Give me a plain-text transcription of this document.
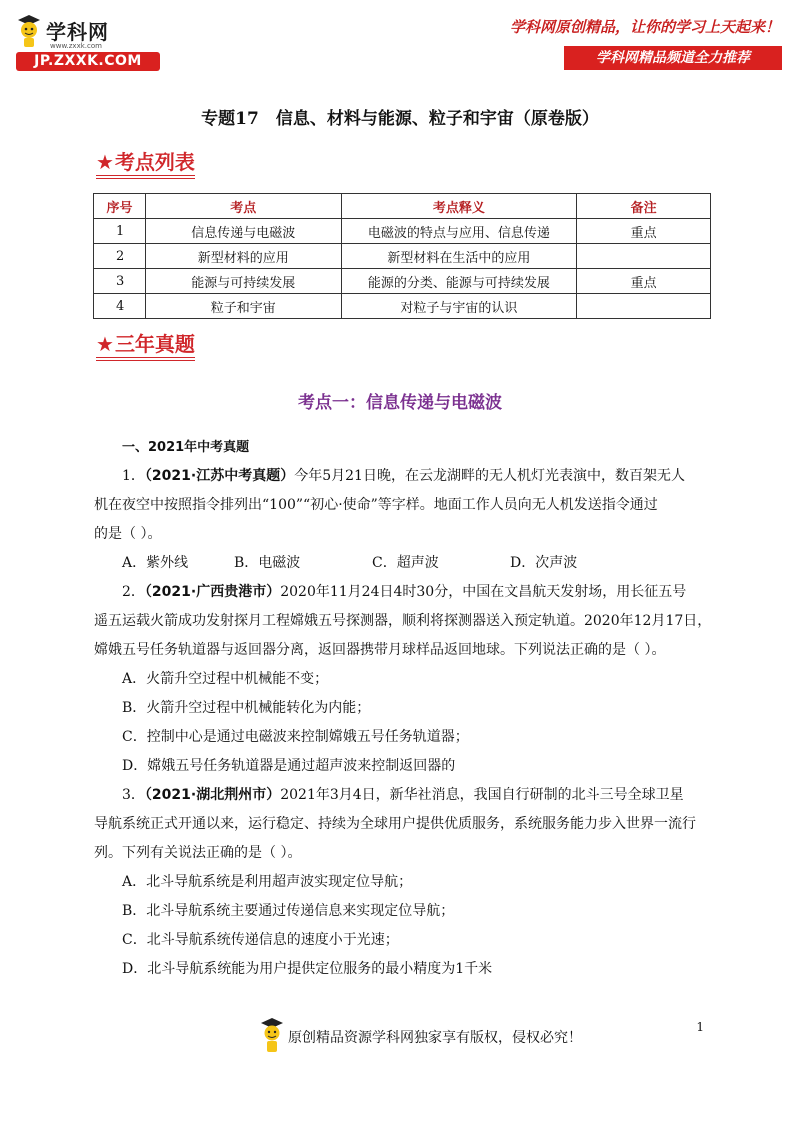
学科网
www.zxxk.com
JP.ZXXK.COM
学科网原创精品，让你的学习上天起来！
学科网精品频道全力推荐
专题17　信息、材料与能源、粒子和宇宙（原卷版）
★考点列表
序号	考点	考点释义	备注
1	信息传递与电磁波	电磁波的特点与应用、信息传递	重点
2	新型材料的应用	新型材料在生活中的应用	
3	能源与可持续发展	能源的分类、能源与可持续发展	重点
4	粒子和宇宙	对粒子与宇宙的认识	
★三年真题
考点一：信息传递与电磁波
一、2021年中考真题
1．（2021·江苏中考真题）今年5月21日晚，在云龙湖畔的无人机灯光表演中，数百架无人
机在夜空中按照指令排列出“100”“初心·使命”等字样。地面工作人员向无人机发送指令通过
的是（ ）。
A．紫外线	B．电磁波	C．超声波	D．次声波
2．（2021·广西贵港市）2020年11月24日4时30分，中国在文昌航天发射场，用长征五号
遥五运载火箭成功发射探月工程嫦娥五号探测器，顺利将探测器送入预定轨道。2020年12月17日，
嫦娥五号任务轨道器与返回器分离，返回器携带月球样品返回地球。下列说法正确的是（ ）。
A．火箭升空过程中机械能不变；
B．火箭升空过程中机械能转化为内能；
C．控制中心是通过电磁波来控制嫦娥五号任务轨道器；
D．嫦娥五号任务轨道器是通过超声波来控制返回器的
3．（2021·湖北荆州市）2021年3月4日，新华社消息，我国自行研制的北斗三号全球卫星
导航系统正式开通以来，运行稳定、持续为全球用户提供优质服务，系统服务能力步入世界一流行
列。下列有关说法正确的是（ ）。
A．北斗导航系统是利用超声波实现定位导航；
B．北斗导航系统主要通过传递信息来实现定位导航；
C．北斗导航系统传递信息的速度小于光速；
D．北斗导航系统能为用户提供定位服务的最小精度为1千米
1
原创精品资源学科网独家享有版权，侵权必究！
